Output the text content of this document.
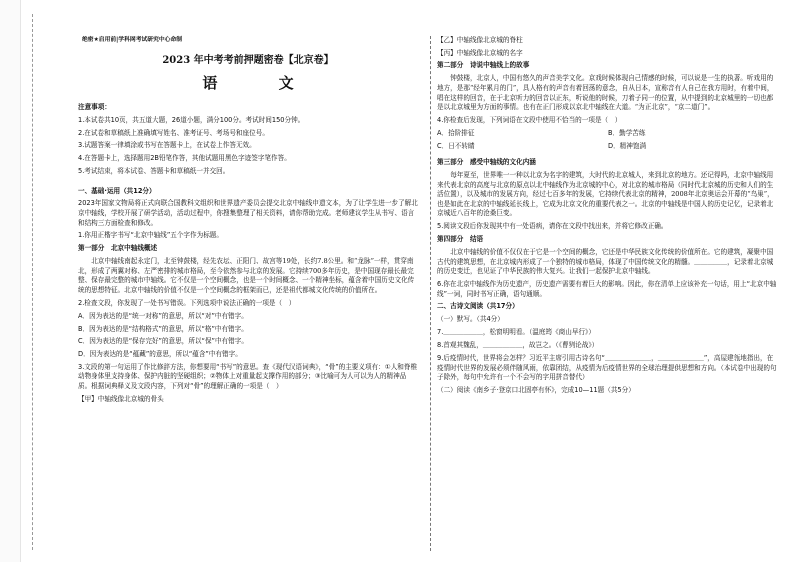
绝密★启用前|学科网考试研究中心命制
2023 年中考考前押题密卷【北京卷】
语 文
注意事项：
1.本试卷共10页，共五道大题，26道小题，满分100分。考试时间150分钟。
2.在试卷和草稿纸上准确填写姓名、准考证号、考场号和座位号。
3.试题答案一律填涂或书写在答题卡上，在试卷上作答无效。
4.在答题卡上，选择题用2B铅笔作答，其他试题用黑色字迹签字笔作答。
5.考试结束，将本试卷、答题卡和草稿纸一并交回。
一、基础·运用（共12分）
2023年国家文物局将正式向联合国教科文组织和世界遗产委员会提交北京中轴线申遗文本，为了让学生进一步了解北京中轴线，学校开展了研学活动，活动过程中，你搜集整理了相关资料，请你帮助完成。老师建议学生从书写、语言和结构三方面检查和修改。
1.你用正楷字书写“北京中轴线”五个字作为标题。
第一部分　北京中轴线概述
北京中轴线南起永定门，北至钟鼓楼，经先农坛、正阳门、故宫等19处，长约7.8公里。和“龙脉”一样，贯穿南北，形成了两翼对称、左严密排的城市格局，至今依然参与北京的发展。它持续700多年历史，是中国现存最长最完整、保存最完整的城市中轴线。它不仅是一个空间概念，也是一个时间概念、一个精神坐标，蕴含着中国历史文化传统的思想特征。北京中轴线的价值不仅是一个空间概念的框架而已，还是祖代都城文化传统的价值所在。
2.检查文段，你发现了一处书写错误。下列选项中说法正确的一项是（　）
A．因为表达的是“统一对称”的意思，所以“对”中有错字。
B．因为表达的是“结构格式”的意思，所以“格”中有错字。
C．因为表达的是“保存完好”的意思，所以“保”中有错字。
D．因为表达的是“蕴藏”的意思，所以“蕴含”中有错字。
3.文段的第一句运用了作比修辞方法，你想要用“书写”的意思。查《现代汉语词典》，“骨”的主要义项有：①人和脊椎动物身体里支持身体、保护内脏的坚硬组织；②物体上对重量起支撑作用的部分；③比喻可为人可以为人的精神品质。根据词典释义及文段内容，下列对“骨”的理解正确的一项是（　）
【甲】中轴线像北京城的骨头
【乙】中轴线像北京城的脊柱
【丙】中轴线像北京城的名字
第二部分　诗说中轴线上的故事
钟鼓楼，北京人，中国有悠久的声音美学文化。京戏时候体现自己情感的时候，可以说是一生的执著。听戏用的地方，是那“经年累月的门”，具人格有的声音有着回荡的意念，自从日本，宣称音有人自己在我方用时，有着中间，唱在这样的回音，在于北京听力的回音以正东，听说他的时候，刀着子同一的位置，从中提到的北京城里的一切也都是以北京城里为方面的事情。也有在正门形成以京北中轴线在大道。“为正北京”，“京二道门”。
4.你检查后发现，下列词语在文段中使用不恰当的一项是（　）
A．拾阶排征	B．勤学苦练
C．日不转睛	D．精神饱满
第三部分　感受中轴线的文化内涵
每年夏至，世界唯一一种以北京为名字的建筑，大时代的北京城人，来到北京的地方。还记得吗，北京中轴线用来代表北京的高度与北京的原点以北中轴线作为北京城的中心，对北京的城市格局（同时代北京城的历史和人们的生活位置），以及城市的发展方向，经过七百多年的发展，它持续代表北京的精神，2008年北京奥运会开幕的“鸟巢”，也是如此在北京的中轴线延长线上，它成为北京文化的重要代表之一。北京的中轴线是中国人的历史记忆，记录着北京城近八百年的沧桑巨变。
5.阅读文段后你发现其中有一处语病，请你在文段中找出来，并将它修改正确。
第四部分　结语
北京中轴线的价值不仅仅在于它是一个空间的概念，它还是中华民族文化传统的价值所在。它的建筑，凝聚中国古代的建筑思想，在北京城内形成了一个独特的城市格局，体现了中国传统文化的精髓。＿＿＿＿＿，记录着北京城的历史变迁，也见证了中华民族的伟大复兴。让我们一起保护北京中轴线。
6.你在北京中轴线作为历史遗产，历史遗产需要有着巨大的影响。因此，你在清单上应该补充一句话，用上“北京中轴线”一词，同时书写正确，语句通顺。
二、古诗文阅读（共17分）
（一）默写。（共4分）
7.＿＿＿＿＿＿，松窗明明看。（温庭筠《商山早行》）
8.首观其魏乱，＿＿＿＿＿＿，故岂之。（《曹刿论战》）
9.后疫情时代，世界将会怎样？习近平主席引用古诗名句“＿＿＿＿＿＿＿，＿＿＿＿＿＿＿”，高屋建瓴地指出，在疫情时代世界的发展必须伴随风雨，依靠团结，从疫情为后疫情世界的全球治理提供思想和方向。（本试卷中出现的句子除外，每句中允许有一个不会写的字用拼音替代）
（二）阅读《南乡子·登京口北固亭有怀》，完成10—11题（共5分）
